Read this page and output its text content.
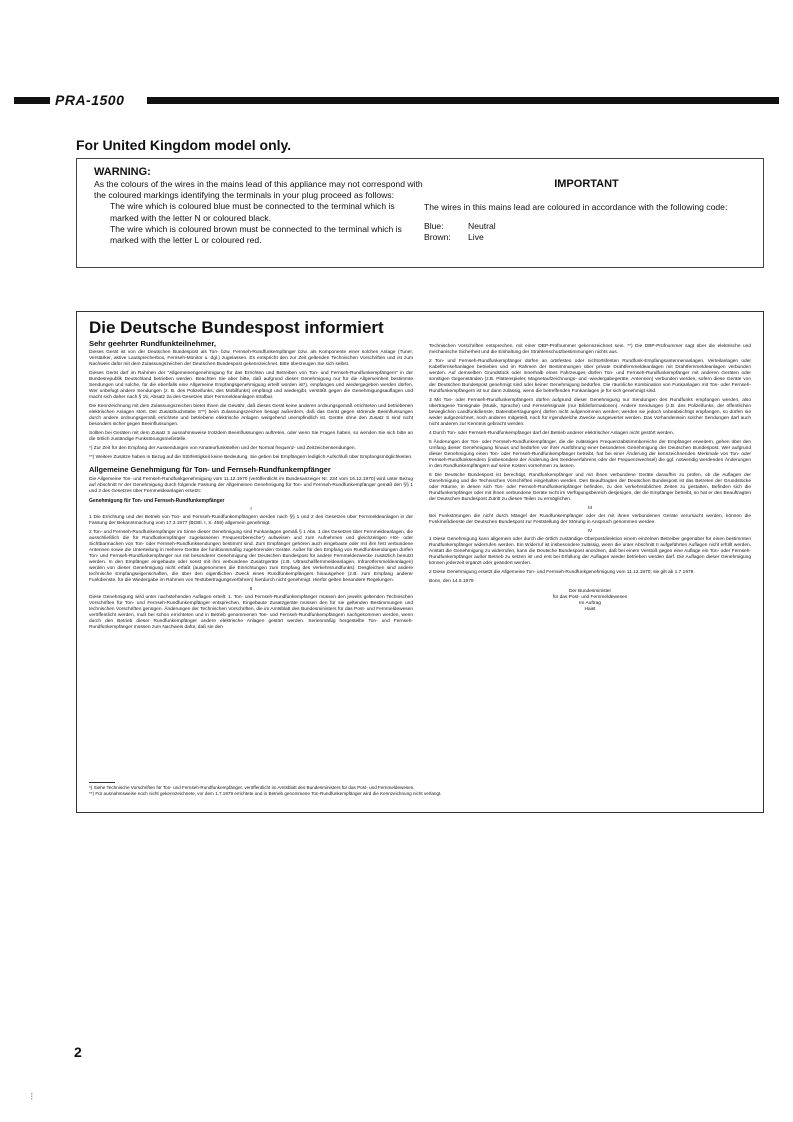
PRA-1500
For United Kingdom model only.
WARNING:

As the colours of the wires in the mains lead of this appliance may not correspond with the coloured markings identifying the terminals in your plug proceed as follows:

The wire which is coloured blue must be connected to the terminal which is marked with the letter N or coloured black.

The wire which is coloured brown must be connected to the terminal which is marked with the letter L or coloured red.

IMPORTANT

The wires in this mains lead are coloured in accordance with the following code:

Blue:	Neutral
Brown:	Live
Die Deutsche Bundespost informiert
Sehr geehrter Rundfunkteilnehmer,

Dieses Gerät ist von der Deutschen Bundespost als Ton- bzw. Fernseh-Rundfunkempfänger bzw. als Komponente einer solchen Anlage (Tuner, Verstärker, aktive Lautsprecherbox, Fernseh-Monitor u. dgl.) zugelassen. Es entspricht den zur Zeit geltenden Technischen Vorschriften und ist zum Nachweis dafür mit dem Zulassungszeichen der Deutschen Bundespost gekennzeichnet. Bitte überzeugen Sie sich selbst.

Dieses Gerät darf im Rahmen der "Allgemeinengenehmigung für das Errichten und Betreiben von Ton- und Fernseh-Rundfunkempfängern" in der Bundesrepublik Deutschland betrieben werden. Beachten Sie aber bitte, daß aufgrund dieser Genehmigung nur für die Allgemeinheit bestimmte Sendungen und solche, für die ebenfalls eine Allgemeine Empfangsgenehmigung erteilt worden ist*), empfangen und wiedergegeben werden dürfen. Wer unbefugt andere Sendungen (z. B. des Polizeifunks, des Mobilfunks) empfängt und wiedergibt, verstößt gegen die Genehmigungsauflagen und macht sich daher nach § 15, Absatz 2a des Gesetzes über Fernmeldeanlagen strafbar.

Die Kennzeichnung mit dem Zulassungszeichen bietet Ihnen die Gewähr, daß dieses Gerät keine anderen ordnungsgemäß errichteten und betriebenen elektrischen Anlagen stört. Der Zusatzbuchstabe S**) beim Zulassungszeichen besagt außerdem, daß das Gerät gegen störende Beeinflussungen durch andere ordnungsgemäß errichtete und betriebene elektrische Anlagen weitgehend unempfindlich ist. Geräte ohne den Zusatz S sind nicht besonders sicher gegen Beeinflussungen.

Sollten bei Geräten mit dem Zusatz S ausnahmsweise trotzdem Beeinflussungen auftreten, oder wenn Sie Fragen haben, so wenden Sie sich bitte an die örtlich zuständige Funkstörungsmeßstelle.

*) Zur Zeit für den Empfang der Aussendungen von Amateurfunkstellen und der Normal frequenz- und Zeitzeichensendungen.

**) Weitere Zusätze haben in Bezug auf die Störfestigkeit keine Bedeutung. Sie geben bei Empfängern lediglich Aufschluß über Empfangsmöglichkeiten.

Allgemeine Genehmigung für Ton- und Fernseh-Rundfunkempfänger

Die Allgemeine Ton- und Fernseh-Rundfunkgenehmigung vom 11.12.1970 (veröffentlicht im Bundesanzeiger Nr. 234 vom 16.12.1970) wird unter Bezug auf Abschnitt IV der Genehmigung durch folgende Fassung der Allgemeinen Genehmigung für Ton- und Fernseh-Rundfunkempfänger gemäß den §§ 1 und 2 des Gesetzes über Fernmeldeanlagen ersetzt:

Genehmigung für Ton- und Fernseh-Rundfunkempfänger
I

1 Die Errichtung und der Betrieb von Ton- und Fernseh-Rundfunkempfängern werden nach §§ 1 und 2 des Gesetzes über Fernmeldeanlagen in der Fassung der Bekanntmachung vom 17.3.1977 (BGBl. I, S. 459) allgemein genehmigt.

2 Ton- und Fernseh-Rundfunkempfänger im Sinne dieser Genehmigung sind Funkanlagen gemäß § 1 Abs. 1 des Gesetzes über Fernmeldeanlagen, die ausschließlich die für Rundfunkempfänger zugelassenen Frequenzbereiche*) aufweisen und zum Aufnehmen und gleichzeitigen Hör- oder Sichtbarmachen von Ton- oder Fernseh-Rundfunksendungen bestimmt sind. Zum Empfänger gehören auch eingebaute oder mit ihm fest verbundene Antennen sowie die Unterteilung in mehrere Geräte der funktionsmäßig zugehörenden Geräte. Außer für den Empfang von Rundfunksendungen dürfen Ton- und Fernseh-Rundfunkempfänger nur mit besonderer Genehmigung der Deutschen Bundespost für andere Fernmeldezwecke zusätzlich benutzt werden. In den Empfänger eingebaute oder sonst mit ihm verbundene Zusatzgeräte (z.B. Ultraschallfernmeldeanlagen, Infrarotfernmeldeanlagen) werden von dieser Genehmigung nicht erfaßt (ausgenommen die Einrichtungen zum Empfang des Verkehrsrundfunks). Desgleichen sind andere technische Empfangseigenschaften, die über den eigentlichen Zweck eines Rundfunkempfängers hinausgehen (z.B. zum Empfang anderer Funkdienste, für die Wiedergabe im Rahmen von Textübertragungsverfahren) hierdurch nicht genehmigt. Hierfür gelten besondere Regelungen.

II

Diese Genehmigung wird unter nachstehenden Auflagen erteilt: 1. Ton- und Fernseh-Rundfunkempfänger müssen den jeweils geltenden Technischen Vorschriften für Ton- und Fernseh-Rundfunkempfänger entsprechen. Eingebaute Zusatzgeräte müssen den für sie geltenden Bestimmungen und technischen Vorschriften genügen. Änderungen der Technischen Vorschriften, die im Amtsblatt des Bundesministers für das Post- und Fernmeldewesen veröffentlicht werden, muß bei schon errichteten und in Betrieb genommenen Ton- und Fernseh-Rundfunkempfängern nachgekommen werden, wenn durch den Betrieb dieser Rundfunkempfänger andere elektrische Anlagen gestört werden. Serienmäßig hergestellte Ton- und Fernseh-Rundfunkempfänger müssen zum Nachweis dafür, daß sie den

Technischen Vorschriften entsprechen, mit einer DBP-Prüfnummer gekennzeichnet sein. **) Die DBP-Prüfnummer sagt über die elektrische und mechanische Sicherheit und die Einhaltung der Strahlenschutzbestimmungen nichts aus.

2 Ton- und Fernseh-Rundfunkempfänger dürfen an ortsfesten oder nichtortsfesten Rundfunk-Empfangsantennenanlagen, Verteilanlagen oder Kabelfernsehanlagen betrieben und im Rahmen der Bestimmungen über private Drahtfernmeldeanlagen mit Drahtfernmeldeanlagen verbunden werden. Auf demselben Grundstück oder innerhalb eines Fahrzeuges dürfen Ton- und Fernseh-Rundfunkempfänger mit anderen Geräten oder sonstigen Gegenständen (z.B. Plattenspieler, Magnetaufzeichnungs- und -wiedergabegeräte, Antennen) verbunden werden, sofern diese Geräte von der Deutschen Bundespost genehmigt sind oder keiner Genehmigung bedürfen. Die räumliche Kombination von Funkanlagen mit Ton- oder Fernseh-Rundfunkempfängern ist nur dann zulässig, wenn die betreffenden Funkanlagen je für sich genehmigt sind.

3 Mit Ton- oder Fernseh-Rundfunkempfängern dürfen aufgrund dieser Genehmigung nur Sendungen des Rundfunks empfangen werden, also übertragene Tonsignale (Musik, Sprache) und Fernsehsignale (nur Bildinformationen). Andere Sendungen (z.B. des Polizeifunks, der öffentlichen beweglichen Landfunkdienste, Datenübertragungen) dürfen nicht aufgenommen werden; werden sie jedoch unbeabsichtigt empfangen, so dürfen sie weder aufgezeichnet, noch anderen mitgeteilt, noch für irgendwelche Zwecke ausgewertet werden. Das Vorhandensein solcher Sendungen darf auch nicht anderen zur Kenntnis gebracht werden.

4 Durch Ton- oder Fernseh-Rundfunkempfänger darf der Betrieb anderer elektrischer Anlagen nicht gestört werden.

5 Änderungen der Ton- oder Fernseh-Rundfunkempfänger, die die zulässigen Frequenzabstimmbereiche der Empfänger erweitern, gehen über den Umfang dieser Genehmigung hinaus und bedürfen vor ihrer Ausführung einer besonderen Genehmigung der Deutschen Bundespost. Wer aufgrund dieser Genehmigung einen Ton- oder Fernseh-Rundfunkempfänger betreibt, hat bei einer Änderung der kennzeichnenden Merkmale von Ton- oder Fernseh-Rundfunksendern (insbesondere der Änderung des Sendeverfahrens oder der Frequenzwechsel) die ggf. notwendig werdenden Änderungen in den Rundfunkempfängern auf seine Kosten vornehmen zu lassen.

6 Die Deutsche Bundespost ist berechtigt, Rundfunkempfänger und mit ihnen verbundene Geräte daraufhin zu prüfen, ob die Auflagen der Genehmigung und die Technischen Vorschriften eingehalten werden. Den Beauftragten der Deutschen Bundespost ist das Betreten der Grundstücke oder Räume, in denen sich Ton- oder Fernseh-Rundfunkempfänger befinden, zu den verkehrsüblichen Zeiten zu gestatten. Befinden sich die Rundfunkempfänger oder mit ihnen verbundene Geräte nicht im Verfügungsbereich desjenigen, der die Empfänger betreibt, so hat er den Beauftragten der Deutschen Bundespost Zutritt zu diesen Teilen zu ermöglichen.

III

Bei Funkstörungen die nicht durch Mängel der Rundfunkempfänger oder der mit ihnen verbundenen Geräte verursacht werden, können die Funkmeßdienste der Deutschen Bundespost zur Feststellung der Störung in Anspruch genommen werden.

IV

1 Diese Genehmigung kann allgemein oder durch die örtlich zuständige Oberpostdirektion einem einzelnen Betreiber gegenüber für einen bestimmten Rundfunkempfänger widerrufen werden. Ein Widerruf ist insbesondere zulässig, wenn die unter Abschnitt II aufgeführten Auflagen nicht erfüllt werden. Anstatt die Genehmigung zu widerrufen, kann die Deutsche Bundespost anordnen, daß bei einem Verstoß gegen eine Auflage ein Ton- oder Fernseh-Rundfunkempfänger außer Betrieb zu setzen ist und erst bei Erfüllung der Auflagen wieder betrieben werden darf. Die Auflagen dieser Genehmigung können jederzeit ergänzt oder geändert werden.

2 Diese Genehmigung ersetzt die Allgemeine Ton- und Fernseh-Rundfunkgenehmigung vom 11.12.1970; sie gilt ab 1.7.1979.

Bonn, den 14.5.1979

Der Bundesminister
für das Post- und Fernmeldewesen
Im Auftrag
Haist

*) Siehe Technische Vorschriften für Ton- und Fernseh-Rundfunkempfänger, veröffentlicht im Amtsblatt des Bundesministers für das Post- und Fernmeldewesen.

**) Für ausnahmsweise noch nicht gekennzeichnete, vor dem 1.7.1979 errichtete und in Betrieb genommene Ton-Rundfunkempfänger wird die Kennzeichnung nicht verlangt.

2
⁝
